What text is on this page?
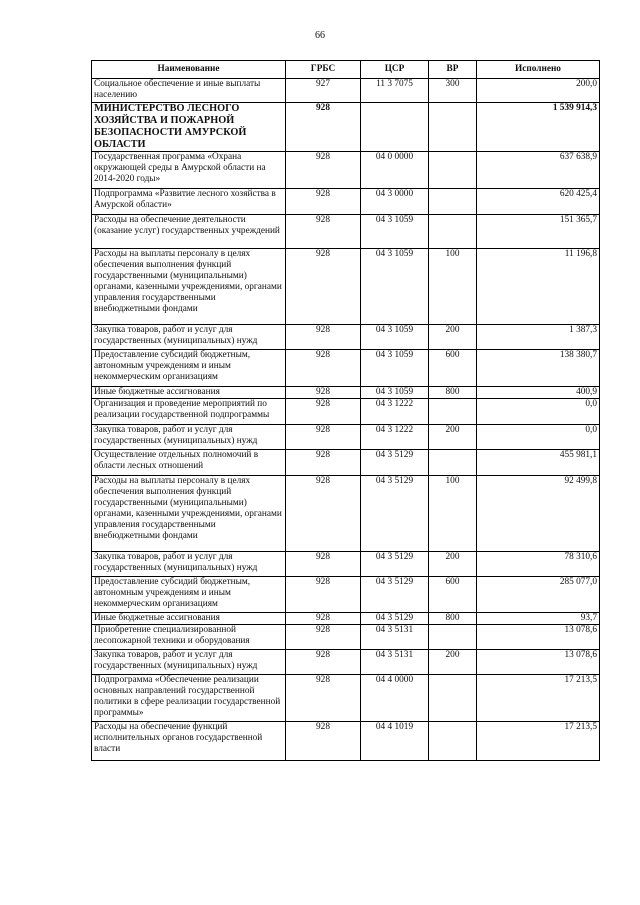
66
Наименование	ГРБС	ЦСР	ВР	Исполнено
Социальное обеспечение и иные выплаты населению	927	11 3 7075	300	200,0
МИНИСТЕРСТВО ЛЕСНОГО ХОЗЯЙСТВА И ПОЖАРНОЙ БЕЗОПАСНОСТИ АМУРСКОЙ ОБЛАСТИ	928			1 539 914,3
Государственная программа «Охрана окружающей среды в Амурской области на 2014-2020 годы»	928	04 0 0000		637 638,9
Подпрограмма «Развитие лесного хозяйства в Амурской области»	928	04 3 0000		620 425,4
Расходы на обеспечение деятельности (оказание услуг) государственных учреждений	928	04 3 1059		151 365,7
Расходы на выплаты персоналу в целях обеспечения выполнения функций государственными (муниципальными) органами, казенными учреждениями, органами управления государственными внебюджетными фондами	928	04 3 1059	100	11 196,8
Закупка товаров, работ и услуг для государственных (муниципальных) нужд	928	04 3 1059	200	1 387,3
Предоставление субсидий бюджетным, автономным учреждениям и иным некоммерческим организациям	928	04 3 1059	600	138 380,7
Иные бюджетные ассигнования	928	04 3 1059	800	400,9
Организация и проведение мероприятий по реализации государственной подпрограммы	928	04 3 1222		0,0
Закупка товаров, работ и услуг для государственных (муниципальных) нужд	928	04 3 1222	200	0,0
Осуществление отдельных полномочий в области лесных отношений	928	04 3 5129		455 981,1
Расходы на выплаты персоналу в целях обеспечения выполнения функций государственными (муниципальными) органами, казенными учреждениями, органами управления государственными внебюджетными фондами	928	04 3 5129	100	92 499,8
Закупка товаров, работ и услуг для государственных (муниципальных) нужд	928	04 3 5129	200	78 310,6
Предоставление субсидий бюджетным, автономным учреждениям и иным некоммерческим организациям	928	04 3 5129	600	285 077,0
Иные бюджетные ассигнования	928	04 3 5129	800	93,7
Приобретение специализированной лесопожарной техники и оборудования	928	04 3 5131		13 078,6
Закупка товаров, работ и услуг для государственных (муниципальных) нужд	928	04 3 5131	200	13 078,6
Подпрограмма «Обеспечение реализации основных направлений государственной политики в сфере реализации государственной программы»	928	04 4 0000		17 213,5
Расходы на обеспечение функций исполнительных органов государственной власти	928	04 4 1019		17 213,5
